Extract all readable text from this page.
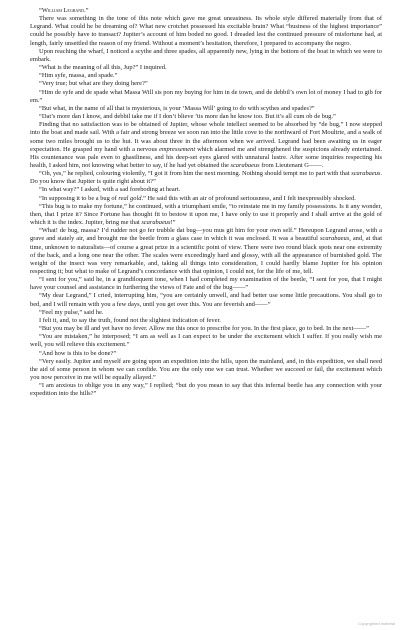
“William Legrand.”

There was something in the tone of this note which gave me great uneasiness. Its whole style differed materially from that of Legrand. What could he be dreaming of? What new crotchet possessed his excitable brain? What “business of the highest importance” could he possibly have to transact? Jupiter’s account of him boded no good. I dreaded lest the continued pressure of misfortune had, at length, fairly unsettled the reason of my friend. Without a moment’s hesitation, therefore, I prepared to accompany the negro.

Upon reaching the wharf, I noticed a scythe and three spades, all apparently new, lying in the bottom of the boat in which we were to embark.

“What is the meaning of all this, Jup?” I inquired.

“Him syfe, massa, and spade.”

“Very true; but what are they doing here?”

“Him de syfe and de spade what Massa Will sis pon my buying for him in de town, and de debbil’s own lot of money I had to gib for em.”

“But what, in the name of all that is mysterious, is your ‘Massa Will’ going to do with scythes and spades?”

“Dat’s more dan I know, and debbil take me if I don’t blieve ’tis more dan he know too. But it’s all cum ob de bug.”

Finding that no satisfaction was to be obtained of Jupiter, whose whole intellect seemed to be absorbed by “de bug,” I now stepped into the boat and made sail. With a fair and strong breeze we soon ran into the little cove to the northward of Fort Moultrie, and a walk of some two miles brought us to the hut. It was about three in the afternoon when we arrived. Legrand had been awaiting us in eager expectation. He grasped my hand with a nervous empressement which alarmed me and strengthened the suspicions already entertained. His countenance was pale even to ghastliness, and his deep-set eyes glared with unnatural lustre. After some inquiries respecting his health, I asked him, not knowing what better to say, if he had yet obtained the scarabaeus from Lieutenant G——.

“Oh, yes,” he replied, colouring violently, “I got it from him the next morning. Nothing should tempt me to part with that scarabaeus. Do you know that Jupiter is quite right about it?”

“In what way?” I asked, with a sad foreboding at heart.

“In supposing it to be a bug of real gold.” He said this with an air of profound seriousness, and I felt inexpressibly shocked.

“This bug is to make my fortune,” he continued, with a triumphant smile, “to reinstate me in my family possessions. Is it any wonder, then, that I prize it? Since Fortune has thought fit to bestow it upon me, I have only to use it properly and I shall arrive at the gold of which it is the index. Jupiter, bring me that scarabaeus!”

“What! de bug, massa? I’d rudder not go fer trubble dat bug—you mus git him for your own self.” Hereupon Legrand arose, with a grave and stately air, and brought me the beetle from a glass case in which it was enclosed. It was a beautiful scarabaeus, and, at that time, unknown to naturalists—of course a great prize in a scientific point of view. There were two round black spots near one extremity of the back, and a long one near the other. The scales were exceedingly hard and glossy, with all the appearance of burnished gold. The weight of the insect was very remarkable, and, taking all things into consideration, I could hardly blame Jupiter for his opinion respecting it; but what to make of Legrand’s concordance with that opinion, I could not, for the life of me, tell.

“I sent for you,” said he, in a grandiloquent tone, when I had completed my examination of the beetle, “I sent for you, that I might have your counsel and assistance in furthering the views of Fate and of the bug——”

“My dear Legrand,” I cried, interrupting him, “you are certainly unwell, and had better use some little precautions. You shall go to bed, and I will remain with you a few days, until you get over this. You are feverish and——”

“Feel my pulse,” said he.

I felt it, and, to say the truth, found not the slightest indication of fever.

“But you may be ill and yet have no fever. Allow me this once to prescribe for you. In the first place, go to bed. In the next——”

“You are mistaken,” he interposed; “I am as well as I can expect to be under the excitement which I suffer. If you really wish me well, you will relieve this excitement.”

“And how is this to be done?”

“Very easily. Jupiter and myself are going upon an expedition into the hills, upon the mainland, and, in this expedition, we shall need the aid of some person in whom we can confide. You are the only one we can trust. Whether we succeed or fail, the excitement which you now perceive in me will be equally allayed.”

“I am anxious to oblige you in any way,” I replied; “but do you mean to say that this infernal beetle has any connection with your expedition into the hills?”

Copyrighted material
